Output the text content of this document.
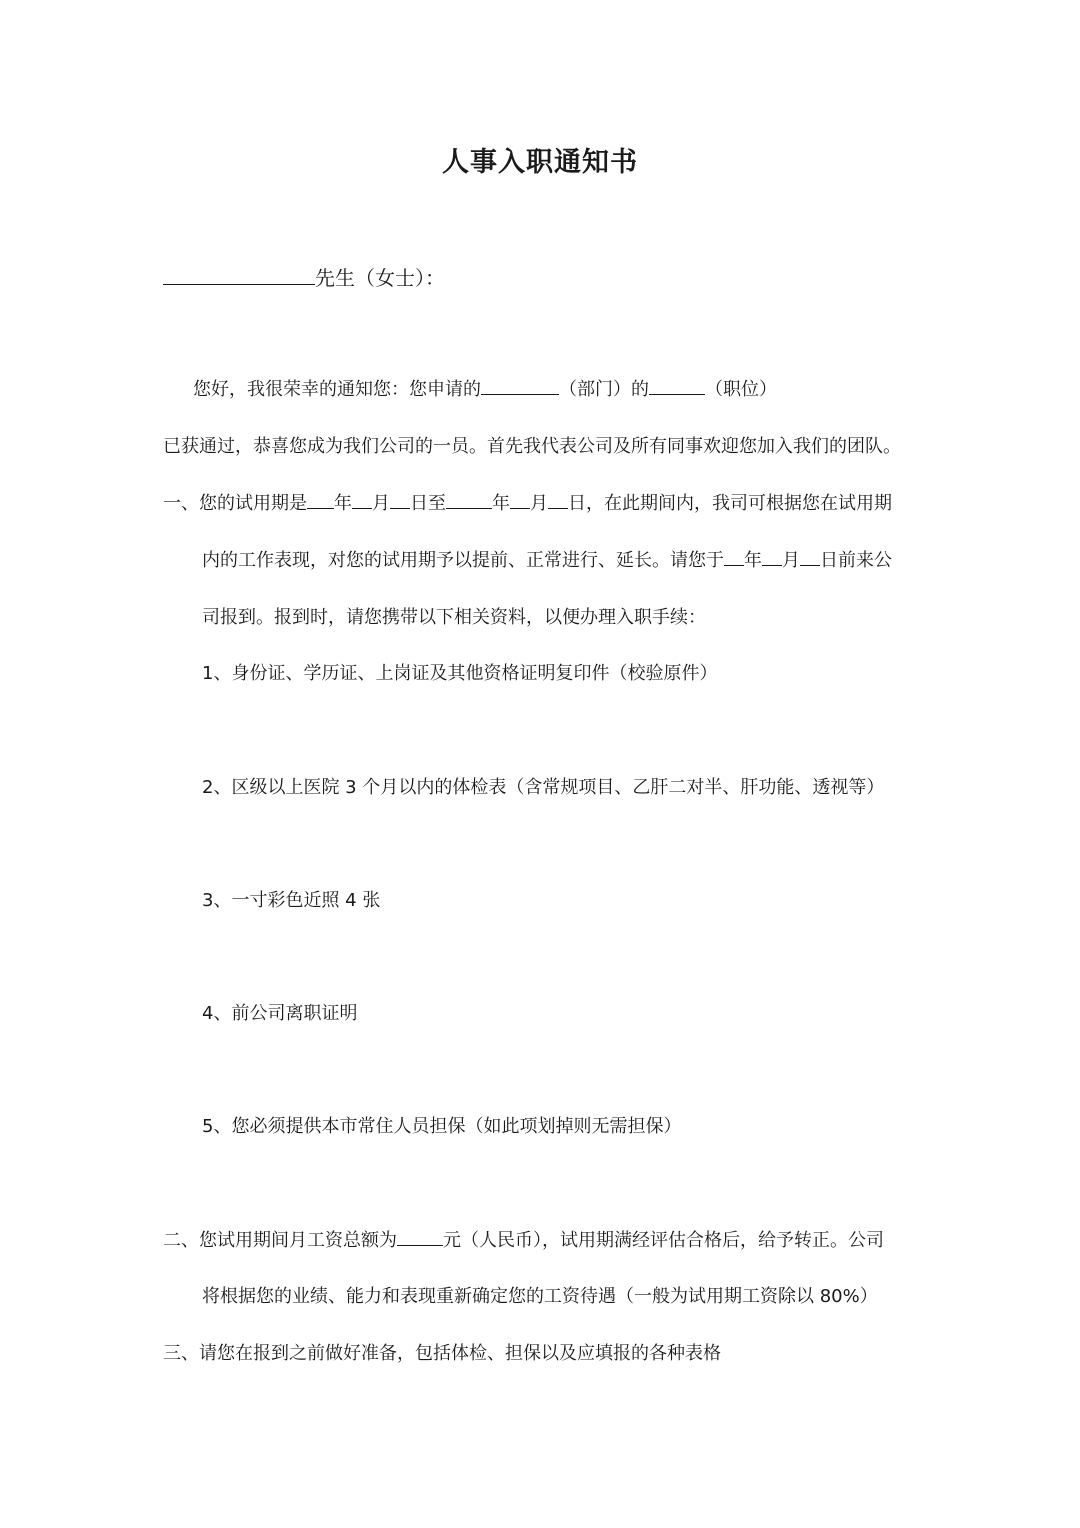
人事入职通知书
先生（女士）：
您好，我很荣幸的通知您：您申请的	（部门）的	（职位）
已获通过，恭喜您成为我们公司的一员。首先我代表公司及所有同事欢迎您加入我们的团队。
一、您的试用期是 年 月 日至	年 月 日，在此期间内，我司可根据您在试用期
内的工作表现，对您的试用期予以提前、正常进行、延长。请您于 年 月 日前来公
司报到。报到时，请您携带以下相关资料，以便办理入职手续：
1、身份证、学历证、上岗证及其他资格证明复印件（校验原件）
2、区级以上医院 3 个月以内的体检表（含常规项目、乙肝二对半、肝功能、透视等）
3、一寸彩色近照 4 张
4、前公司离职证明
5、您必须提供本市常住人员担保（如此项划掉则无需担保）
二、您试用期间月工资总额为	元（人民币），试用期满经评估合格后，给予转正。公司
将根据您的业绩、能力和表现重新确定您的工资待遇（一般为试用期工资除以 80%）
三、请您在报到之前做好准备，包括体检、担保以及应填报的各种表格
